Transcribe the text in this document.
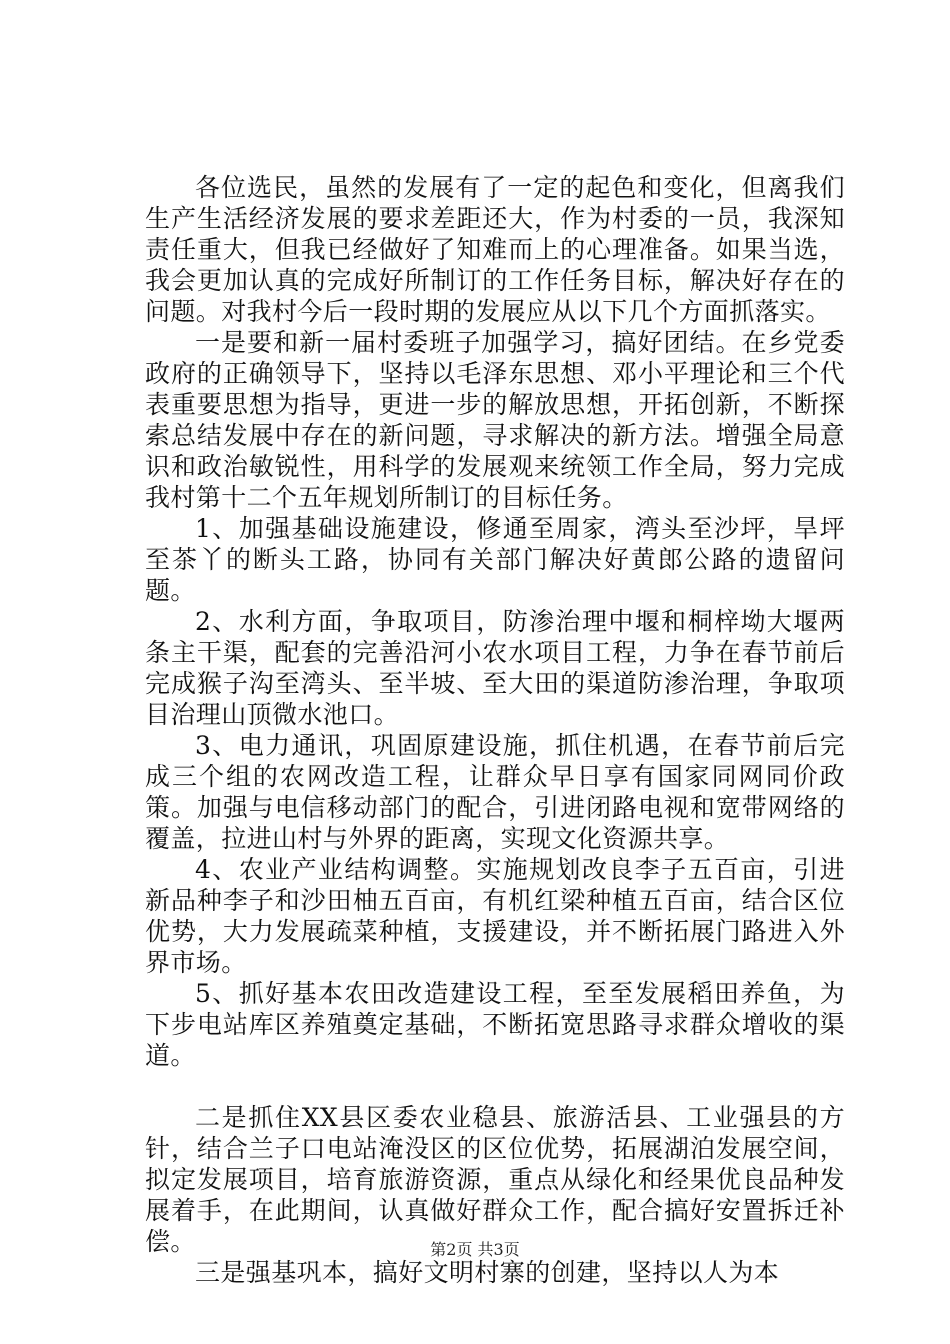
各位选民，虽然的发展有了一定的起色和变化，但离我们生产生活经济发展的要求差距还大，作为村委的一员，我深知责任重大，但我已经做好了知难而上的心理准备。如果当选，我会更加认真的完成好所制订的工作任务目标，解决好存在的问题。对我村今后一段时期的发展应从以下几个方面抓落实。

一是要和新一届村委班子加强学习，搞好团结。在乡党委政府的正确领导下，坚持以毛泽东思想、邓小平理论和三个代表重要思想为指导，更进一步的解放思想，开拓创新，不断探索总结发展中存在的新问题，寻求解决的新方法。增强全局意识和政治敏锐性，用科学的发展观来统领工作全局，努力完成我村第十二个五年规划所制订的目标任务。

1、加强基础设施建设，修通至周家，湾头至沙坪，旱坪至茶丫的断头工路，协同有关部门解决好黄郎公路的遗留问题。

2、水利方面，争取项目，防渗治理中堰和桐梓坳大堰两条主干渠，配套的完善沿河小农水项目工程，力争在春节前后完成猴子沟至湾头、至半坡、至大田的渠道防渗治理，争取项目治理山顶微水池口。

3、电力通讯，巩固原建设施，抓住机遇，在春节前后完成三个组的农网改造工程，让群众早日享有国家同网同价政策。加强与电信移动部门的配合，引进闭路电视和宽带网络的覆盖，拉进山村与外界的距离，实现文化资源共享。

4、农业产业结构调整。实施规划改良李子五百亩，引进新品种李子和沙田柚五百亩，有机红梁种植五百亩，结合区位优势，大力发展疏菜种植，支援建设，并不断拓展门路进入外界市场。

5、抓好基本农田改造建设工程，至至发展稻田养鱼，为下步电站库区养殖奠定基础，不断拓宽思路寻求群众增收的渠道。

二是抓住XX县区委农业稳县、旅游活县、工业强县的方针，结合兰子口电站淹没区的区位优势，拓展湖泊发展空间，拟定发展项目，培育旅游资源，重点从绿化和经果优良品种发展着手，在此期间，认真做好群众工作，配合搞好安置拆迁补偿。

三是强基巩本，搞好文明村寨的创建，坚持以人为本

第2页 共3页
